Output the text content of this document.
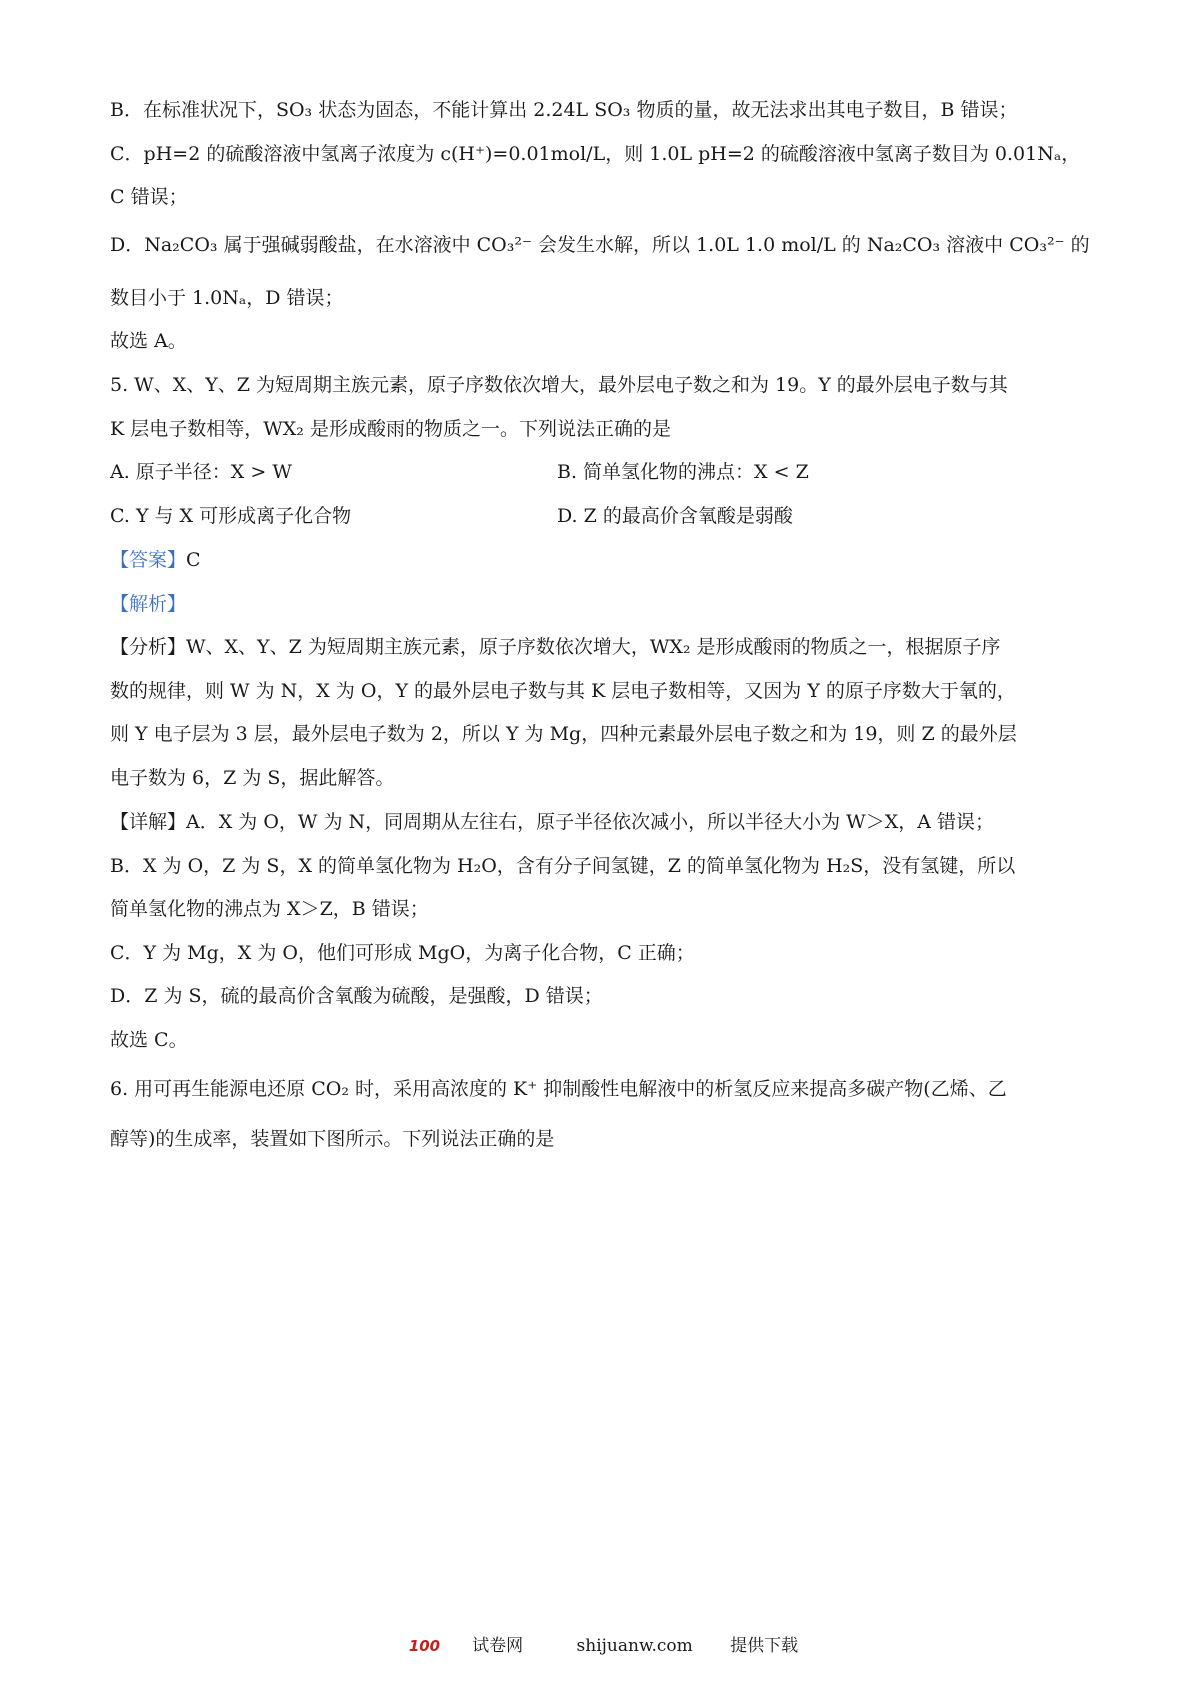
B．在标准状况下，SO₃ 状态为固态，不能计算出 2.24L SO₃ 物质的量，故无法求出其电子数目，B 错误；
C．pH=2 的硫酸溶液中氢离子浓度为 c(H⁺)=0.01mol/L，则 1.0L pH=2 的硫酸溶液中氢离子数目为 0.01Nₐ，
C 错误；
D．Na₂CO₃ 属于强碱弱酸盐，在水溶液中 CO₃²⁻ 会发生水解，所以 1.0L 1.0 mol/L 的 Na₂CO₃ 溶液中 CO₃²⁻ 的
数目小于 1.0Nₐ，D 错误；
故选 A。
5. W、X、Y、Z 为短周期主族元素，原子序数依次增大，最外层电子数之和为 19。Y 的最外层电子数与其
K 层电子数相等，WX₂ 是形成酸雨的物质之一。下列说法正确的是
A. 原子半径：X > W	B. 简单氢化物的沸点：X < Z
C. Y 与 X 可形成离子化合物	D. Z 的最高价含氧酸是弱酸
【答案】C
【解析】
【分析】W、X、Y、Z 为短周期主族元素，原子序数依次增大，WX₂ 是形成酸雨的物质之一，根据原子序
数的规律，则 W 为 N，X 为 O，Y 的最外层电子数与其 K 层电子数相等，又因为 Y 的原子序数大于氧的，
则 Y 电子层为 3 层，最外层电子数为 2，所以 Y 为 Mg，四种元素最外层电子数之和为 19，则 Z 的最外层
电子数为 6，Z 为 S，据此解答。
【详解】A．X 为 O，W 为 N，同周期从左往右，原子半径依次减小，所以半径大小为 W＞X，A 错误；
B．X 为 O，Z 为 S，X 的简单氢化物为 H₂O，含有分子间氢键，Z 的简单氢化物为 H₂S，没有氢键，所以
简单氢化物的沸点为 X＞Z，B 错误；
C．Y 为 Mg，X 为 O，他们可形成 MgO，为离子化合物，C 正确；
D．Z 为 S，硫的最高价含氧酸为硫酸，是强酸，D 错误；
故选 C。
6. 用可再生能源电还原 CO₂ 时，采用高浓度的 K⁺ 抑制酸性电解液中的析氢反应来提高多碳产物(乙烯、乙
醇等)的生成率，装置如下图所示。下列说法正确的是
100 试卷网	shijuanw.com 提供下载
